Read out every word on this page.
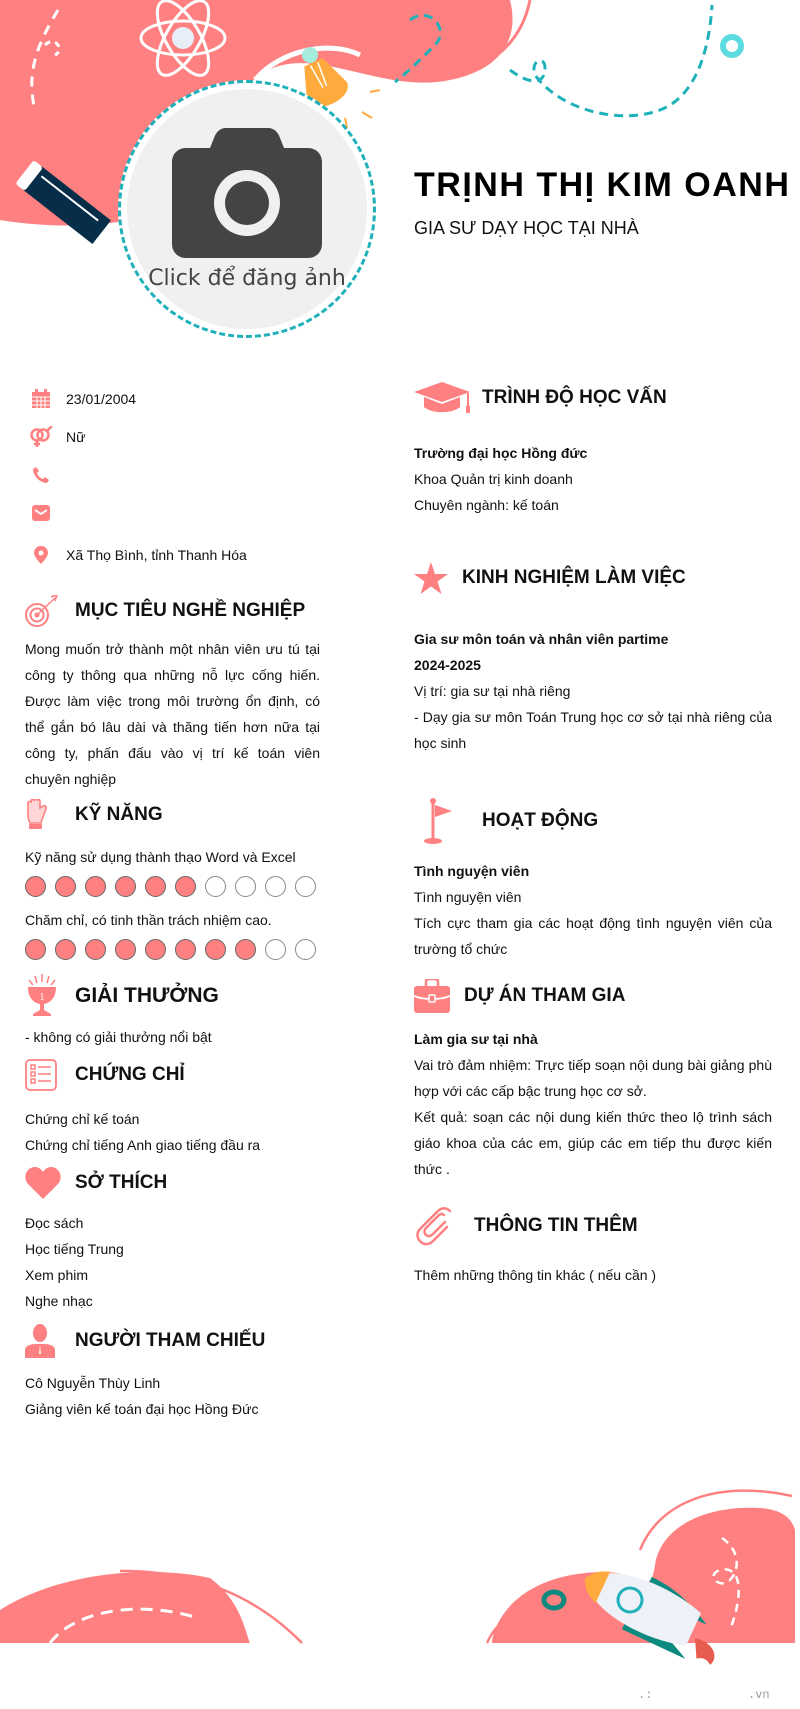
Click để đăng ảnh
TRỊNH THỊ KIM OANH
GIA SƯ DẠY HỌC TẠI NHÀ
23/01/2004
Nữ
Xã Thọ Bình, tỉnh Thanh Hóa
MỤC TIÊU NGHỀ NGHIỆP

Mong muốn trở thành một nhân viên ưu tú tại công ty thông qua những nỗ lực cống hiến. Được làm việc trong môi trường ổn định, có thể gắn bó lâu dài và thăng tiến hơn nữa tại công ty, phấn đấu vào vị trí kế toán viên chuyên nghiệp

KỸ NĂNG
Kỹ năng sử dụng thành thạo Word và Excel
Chăm chỉ, có tinh thần trách nhiệm cao.
1 GIẢI THƯỞNG
- không có giải thưởng nổi bật
CHỨNG CHỈ
Chứng chỉ kế toán
Chứng chỉ tiếng Anh giao tiếng đầu ra
SỞ THÍCH
Đọc sách
Học tiếng Trung
Xem phim
Nghe nhạc
NGƯỜI THAM CHIẾU
Cô Nguyễn Thùy Linh
Giảng viên kế toán đại học Hồng Đức
TRÌNH ĐỘ HỌC VẤN
Trường đại học Hồng đức
Khoa Quản trị kinh doanh
Chuyên ngành: kế toán
KINH NGHIỆM LÀM VIỆC
Gia sư môn toán và nhân viên partime
2024-2025
Vị trí: gia sư tại nhà riêng

- Dạy gia sư môn Toán Trung học cơ sở tại nhà riêng của học sinh

HOẠT ĐỘNG
Tình nguyện viên
Tình nguyện viên

Tích cực tham gia các hoạt động tình nguyện viên của trường tổ chức

DỰ ÁN THAM GIA
Làm gia sư tại nhà

Vai trò đảm nhiệm: Trực tiếp soạn nội dung bài giảng phù hợp với các cấp bậc trung học cơ sở.

Kết quả: soạn các nội dung kiến thức theo lộ trình sách giáo khoa của các em, giúp các em tiếp thu được kiến thức .

THÔNG TIN THÊM
Thêm những thông tin khác ( nếu cần )
.:	.vn
